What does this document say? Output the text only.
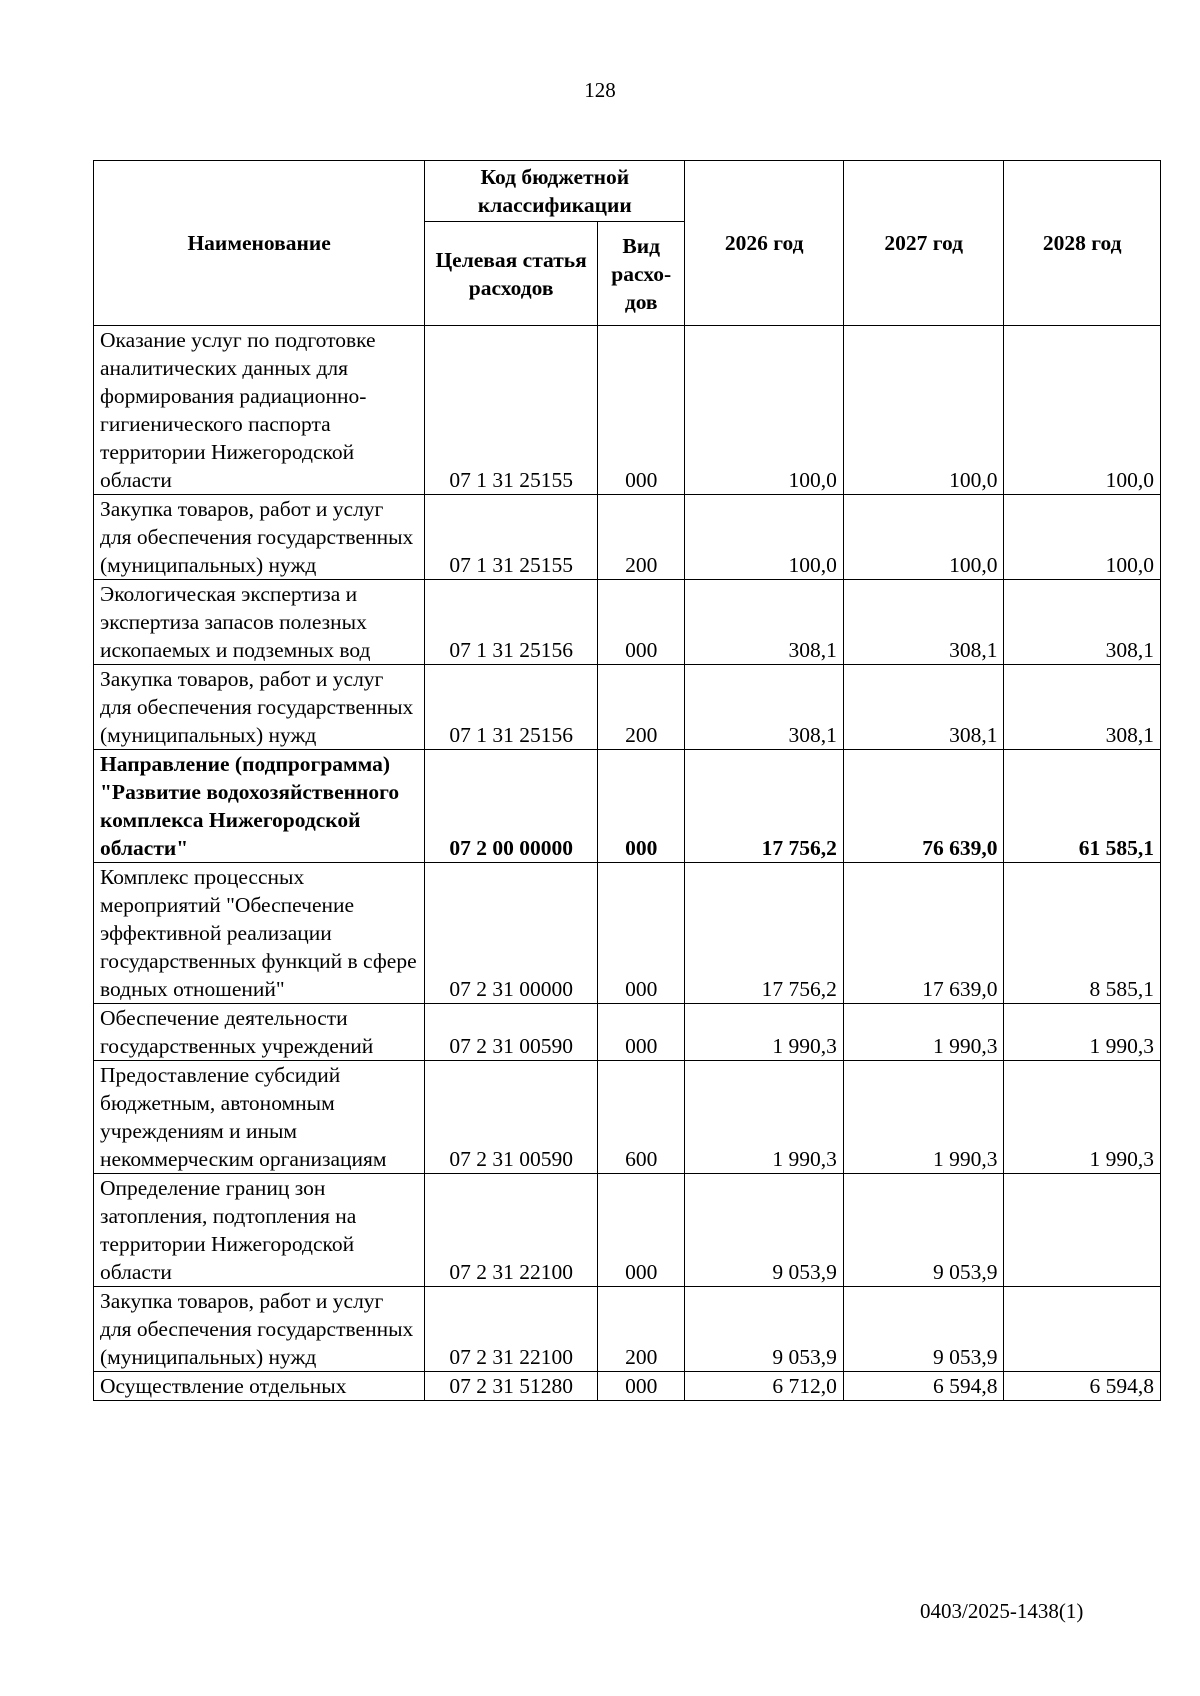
128
Наименование	Код бюджетной классификации		2026 год	2027 год	2028 год
	Целевая статья расходов	Вид расхо-дов			
Оказание услуг по подготовке аналитических данных для формирования радиационно-гигиенического паспорта территории Нижегородской области	07 1 31 25155	000	100,0	100,0	100,0
Закупка товаров, работ и услуг для обеспечения государственных (муниципальных) нужд	07 1 31 25155	200	100,0	100,0	100,0
Экологическая экспертиза и экспертиза запасов полезных ископаемых и подземных вод	07 1 31 25156	000	308,1	308,1	308,1
Закупка товаров, работ и услуг для обеспечения государственных (муниципальных) нужд	07 1 31 25156	200	308,1	308,1	308,1
Направление (подпрограмма) "Развитие водохозяйственного комплекса Нижегородской области"	07 2 00 00000	000	17 756,2	76 639,0	61 585,1
Комплекс процессных мероприятий "Обеспечение эффективной реализации государственных функций в сфере водных отношений"	07 2 31 00000	000	17 756,2	17 639,0	8 585,1
Обеспечение деятельности государственных учреждений	07 2 31 00590	000	1 990,3	1 990,3	1 990,3
Предоставление субсидий бюджетным, автономным учреждениям и иным некоммерческим организациям	07 2 31 00590	600	1 990,3	1 990,3	1 990,3
Определение границ зон затопления, подтопления на территории Нижегородской области	07 2 31 22100	000	9 053,9	9 053,9	
Закупка товаров, работ и услуг для обеспечения государственных (муниципальных) нужд	07 2 31 22100	200	9 053,9	9 053,9	
Осуществление отдельных	07 2 31 51280	000	6 712,0	6 594,8	6 594,8
0403/2025-1438(1)
